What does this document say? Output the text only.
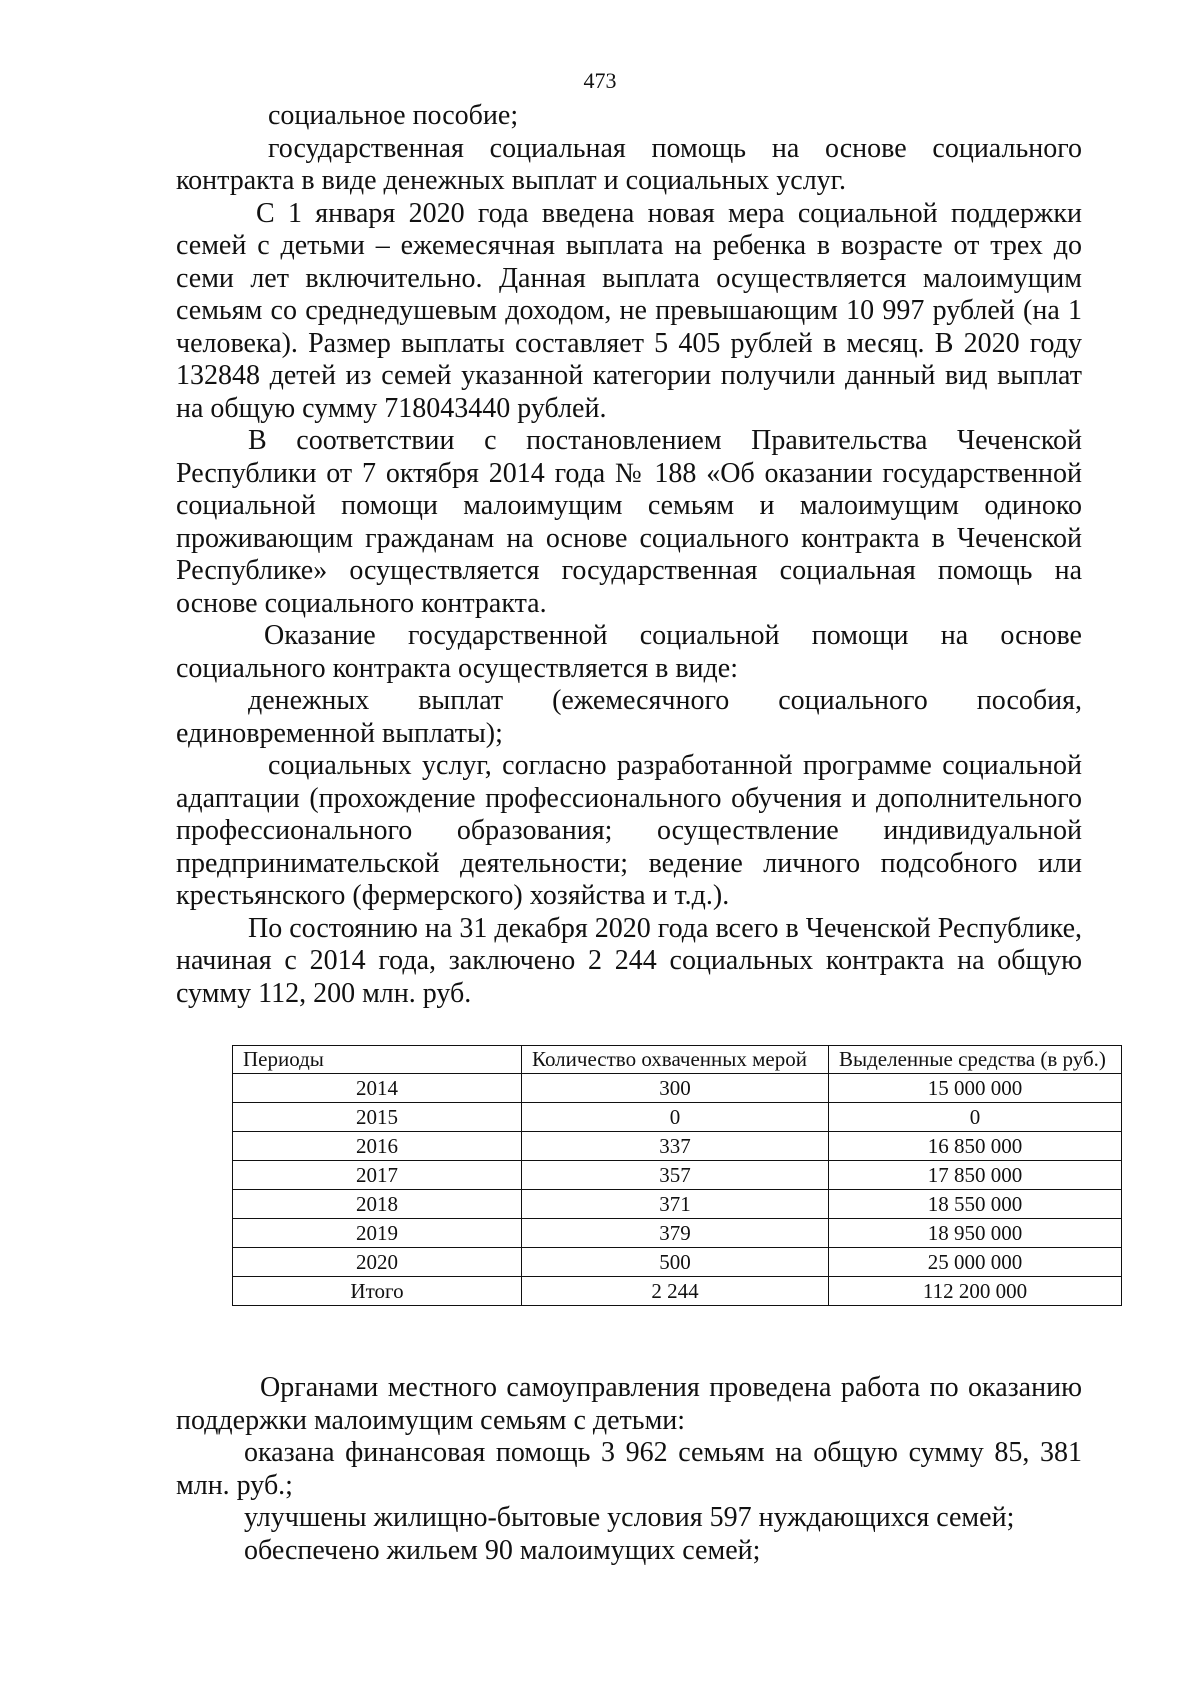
473

социальное пособие;

государственная социальная помощь на основе социального контракта в виде денежных выплат и социальных услуг.

С 1 января 2020 года введена новая мера социальной поддержки семей с детьми – ежемесячная выплата на ребенка в возрасте от трех до семи лет включительно. Данная выплата осуществляется малоимущим семьям со среднедушевым доходом, не превышающим 10 997 рублей (на 1 человека). Размер выплаты составляет 5 405 рублей в месяц. В 2020 году 132848 детей из семей указанной категории получили данный вид выплат на общую сумму 718043440 рублей.

В соответствии с постановлением Правительства Чеченской Республики от 7 октября 2014 года № 188 «Об оказании государственной социальной помощи малоимущим семьям и малоимущим одиноко проживающим гражданам на основе социального контракта в Чеченской Республике» осуществляется государственная социальная помощь на основе социального контракта.

Оказание государственной социальной помощи на основе социального контракта осуществляется в виде:

денежных выплат (ежемесячного социального пособия, единовременной выплаты);

социальных услуг, согласно разработанной программе социальной адаптации (прохождение профессионального обучения и дополнительного профессионального образования; осуществление индивидуальной предпринимательской деятельности; ведение личного подсобного или крестьянского (фермерского) хозяйства и т.д.).

По состоянию на 31 декабря 2020 года всего в Чеченской Республике, начиная с 2014 года, заключено 2 244 социальных контракта на общую сумму 112, 200 млн. руб.

Периоды	Количество охваченных мерой	Выделенные средства (в руб.)
2014	300	15 000 000
2015	0	0
2016	337	16 850 000
2017	357	17 850 000
2018	371	18 550 000
2019	379	18 950 000
2020	500	25 000 000
Итого	2 244	112 200 000

Органами местного самоуправления проведена работа по оказанию поддержки малоимущим семьям с детьми:

оказана финансовая помощь 3 962 семьям на общую сумму 85, 381 млн. руб.;

улучшены жилищно-бытовые условия 597 нуждающихся семей;

обеспечено жильем 90 малоимущих семей;
